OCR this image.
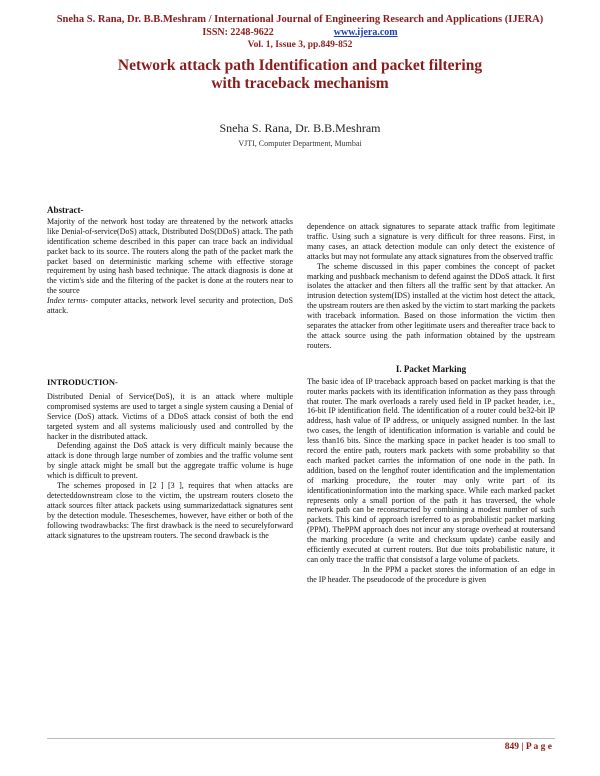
Sneha S. Rana, Dr. B.B.Meshram / International Journal of Engineering Research and Applications (IJERA)
ISSN: 2248-9622	www.ijera.com
Vol. 1, Issue 3, pp.849-852
Network attack path Identification and packet filtering
with traceback mechanism
Sneha S. Rana, Dr. B.B.Meshram
VJTI, Computer Department, Mumbai

Abstract-

Majority of the network host today are threatened by the network attacks like Denial-of-service(DoS) attack, Distributed DoS(DDoS) attack. The path identification scheme described in this paper can trace back an individual packet back to its source. The routers along the path of the packet mark the packet based on deterministic marking scheme with effective storage requirement by using hash based technique. The attack diagnosis is done at the victim's side and the filtering of the packet is done at the routers near to the source

Index terms- computer attacks, network level security and protection, DoS attack.

INTRODUCTION-

Distributed Denial of Service(DoS), it is an attack where multiple compromised systems are used to target a single system causing a Denial of Service (DoS) attack. Victims of a DDoS attack consist of both the end targeted system and all systems maliciously used and controlled by the hacker in the distributed attack.

Defending against the DoS attack is very difficult mainly because the attack is done through large number of zombies and the traffic volume sent by single attack might be small but the aggregate traffic volume is huge which is difficult to prevent.

The schemes proposed in [2 ] [3 ], requires that when attacks are detecteddownstream close to the victim, the upstream routers closeto the attack sources filter attack packets using summarizedattack signatures sent by the detection module. Theseschemes, however, have either or both of the following twodrawbacks: The first drawback is the need to securelyforward attack signatures to the upstream routers. The second drawback is the

dependence on attack signatures to separate attack traffic from legitimate traffic. Using such a signature is very difficult for three reasons. First, in many cases, an attack detection module can only detect the existence of attacks but may not formulate any attack signatures from the observed traffic

The scheme discussed in this paper combines the concept of packet marking and pushback mechanism to defend against the DDoS attack. It first isolates the attacker and then filters all the traffic sent by that attacker. An intrusion detection system(IDS) installed at the victim host detect the attack, the upstream routers are then asked by the victim to start marking the packets with traceback information. Based on those information the victim then separates the attacker from other legitimate users and thereafter trace back to the attack source using the path information obtained by the upstream routers.

I. Packet Marking

The basic idea of IP traceback approach based on packet marking is that the router marks packets with its identification information as they pass through that router. The mark overloads a rarely used field in IP packet header, i.e., 16-bit IP identification field. The identification of a router could be32-bit IP address, hash value of IP address, or uniquely assigned number. In the last two cases, the length of identification information is variable and could be less than16 bits. Since the marking space in packet header is too small to record the entire path, routers mark packets with some probability so that each marked packet carries the information of one node in the path. In addition, based on the lengthof router identification and the implementation of marking procedure, the router may only write part of its identificationinformation into the marking space. While each marked packet represents only a small portion of the path it has traversed, the whole network path can be reconstructed by combining a modest number of such packets. This kind of approach isreferred to as probabilistic packet marking (PPM). ThePPM approach does not incur any storage overhead at routersand the marking procedure (a write and checksum update) canbe easily and efficiently executed at current routers. But due toits probabilistic nature, it can only trace the traffic that consistsof a large volume of packets.

In the PPM a packet stores the information of an edge in the IP header. The pseudocode of the procedure is given

849 | P a g e
